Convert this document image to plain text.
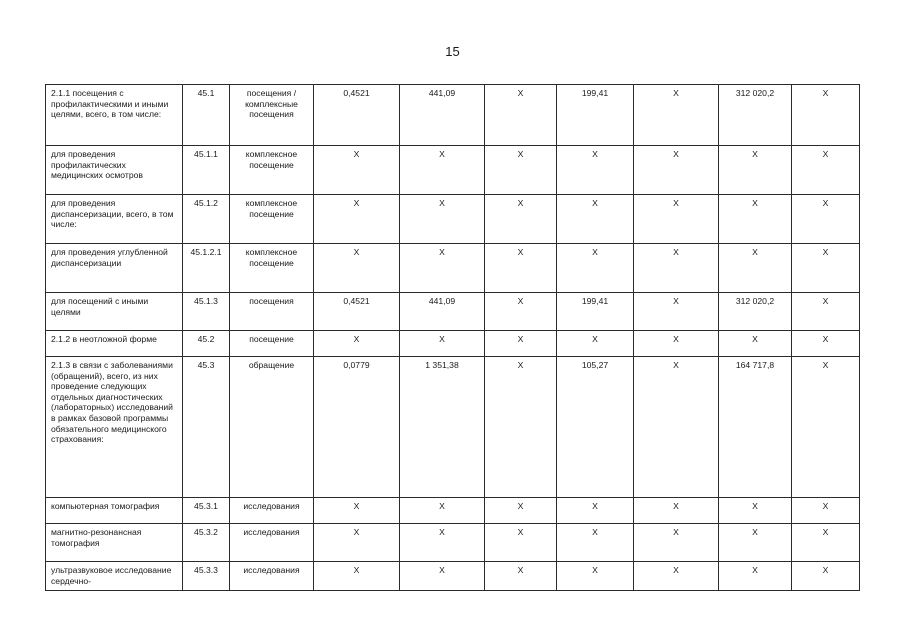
15
2.1.1 посещения с профилактическими и иными целями, всего, в том числе:	45.1	посещения / комплексные посещения	0,4521	441,09	Х	199,41	Х	312 020,2	Х
для проведения профилактических медицинских осмотров	45.1.1	комплексное посещение	Х	Х	Х	Х	Х	Х	Х
для проведения диспансеризации, всего, в том числе:	45.1.2	комплексное посещение	Х	Х	Х	Х	Х	Х	Х
для проведения углубленной диспансеризации	45.1.2.1	комплексное посещение	Х	Х	Х	Х	Х	Х	Х
для посещений с иными целями	45.1.3	посещения	0,4521	441,09	Х	199,41	Х	312 020,2	Х
2.1.2 в неотложной форме	45.2	посещение	Х	Х	Х	Х	Х	Х	Х
2.1.3 в связи с заболеваниями (обращений), всего, из них проведение следующих отдельных диагностических (лабораторных) исследований в рамках базовой программы обязательного медицинского страхования:	45.3	обращение	0,0779	1 351,38	Х	105,27	Х	164 717,8	Х
компьютерная томография	45.3.1	исследования	Х	Х	Х	Х	Х	Х	Х
магнитно-резонансная томография	45.3.2	исследования	Х	Х	Х	Х	Х	Х	Х
ультразвуковое исследование сердечно-	45.3.3	исследования	Х	Х	Х	Х	Х	Х	Х
